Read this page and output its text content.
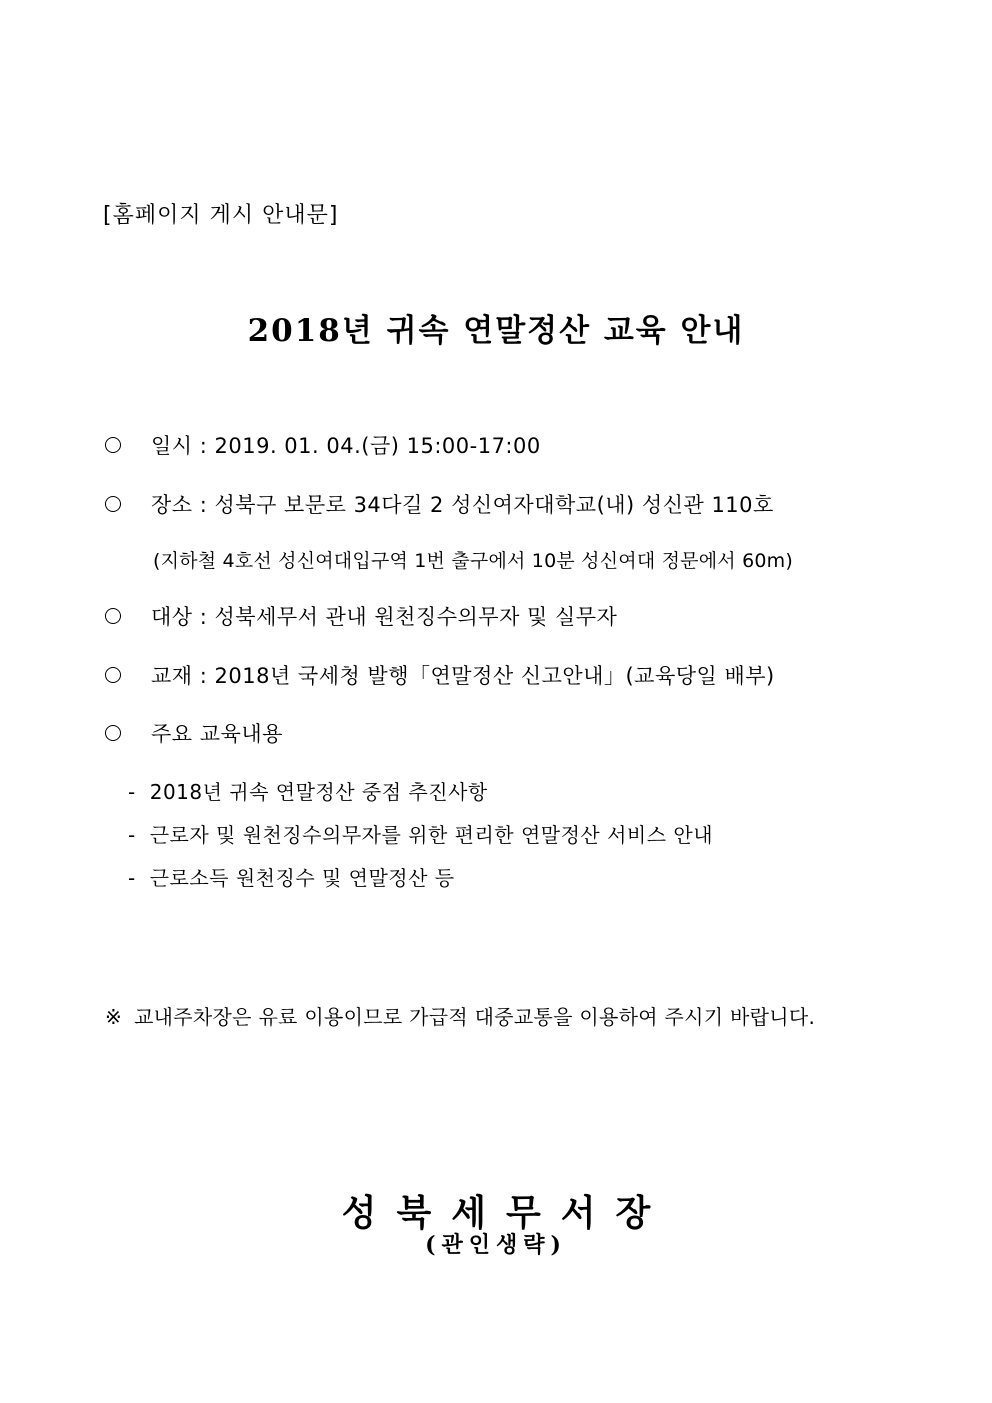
[홈페이지 게시 안내문]
2018년 귀속 연말정산 교육 안내
일시 : 2019. 01. 04.(금) 15:00-17:00
장소 : 성북구 보문로 34다길 2 성신여자대학교(내) 성신관 110호
(지하철 4호선 성신여대입구역 1번 출구에서 10분 성신여대 정문에서 60m)
대상 : 성북세무서 관내 원천징수의무자 및 실무자
교재 : 2018년 국세청 발행「연말정산 신고안내」(교육당일 배부)
주요 교육내용
- 2018년 귀속 연말정산 중점 추진사항
- 근로자 및 원천징수의무자를 위한 편리한 연말정산 서비스 안내
- 근로소득 원천징수 및 연말정산 등
※ 교내주차장은 유료 이용이므로 가급적 대중교통을 이용하여 주시기 바랍니다.
성북세무서장
(관인생략)
